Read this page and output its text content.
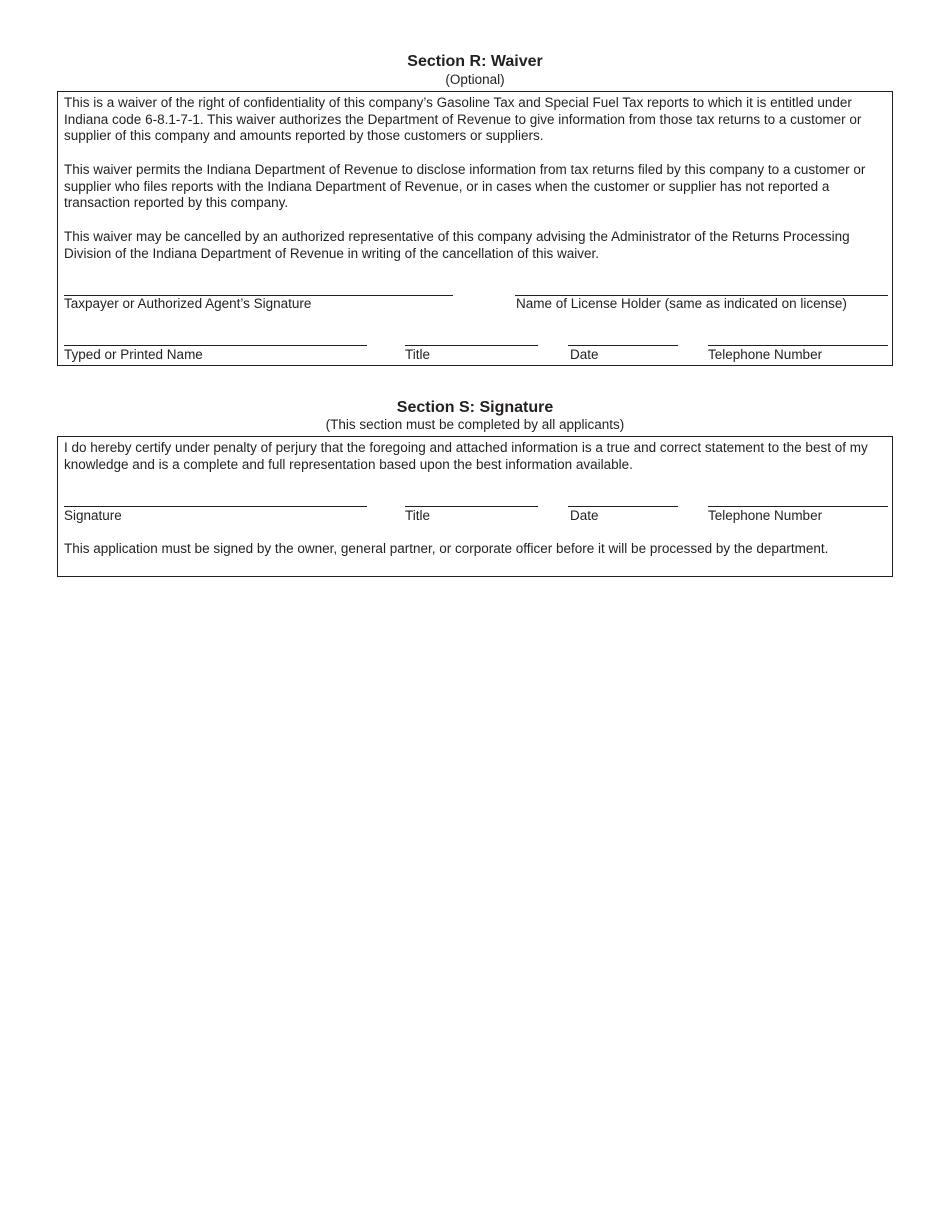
Section R: Waiver
(Optional)

This is a waiver of the right of confidentiality of this company’s Gasoline Tax and Special Fuel Tax reports to which it is entitled under Indiana code 6-8.1-7-1. This waiver authorizes the Department of Revenue to give information from those tax returns to a customer or supplier of this company and amounts reported by those customers or suppliers.

This waiver permits the Indiana Department of Revenue to disclose information from tax returns filed by this company to a customer or supplier who files reports with the Indiana Department of Revenue, or in cases when the customer or supplier has not reported a transaction reported by this company.

This waiver may be cancelled by an authorized representative of this company advising the Administrator of the Returns Processing Division of the Indiana Department of Revenue in writing of the cancellation of this waiver.

Taxpayer or Authorized Agent’s Signature	Name of License Holder (same as indicated on license)
Typed or Printed Name	Title	Date	Telephone Number
Section S: Signature
(This section must be completed by all applicants)

I do hereby certify under penalty of perjury that the foregoing and attached information is a true and correct statement to the best of my knowledge and is a complete and full representation based upon the best information available.

Signature	Title	Date	Telephone Number

This application must be signed by the owner, general partner, or corporate officer before it will be processed by the department.
